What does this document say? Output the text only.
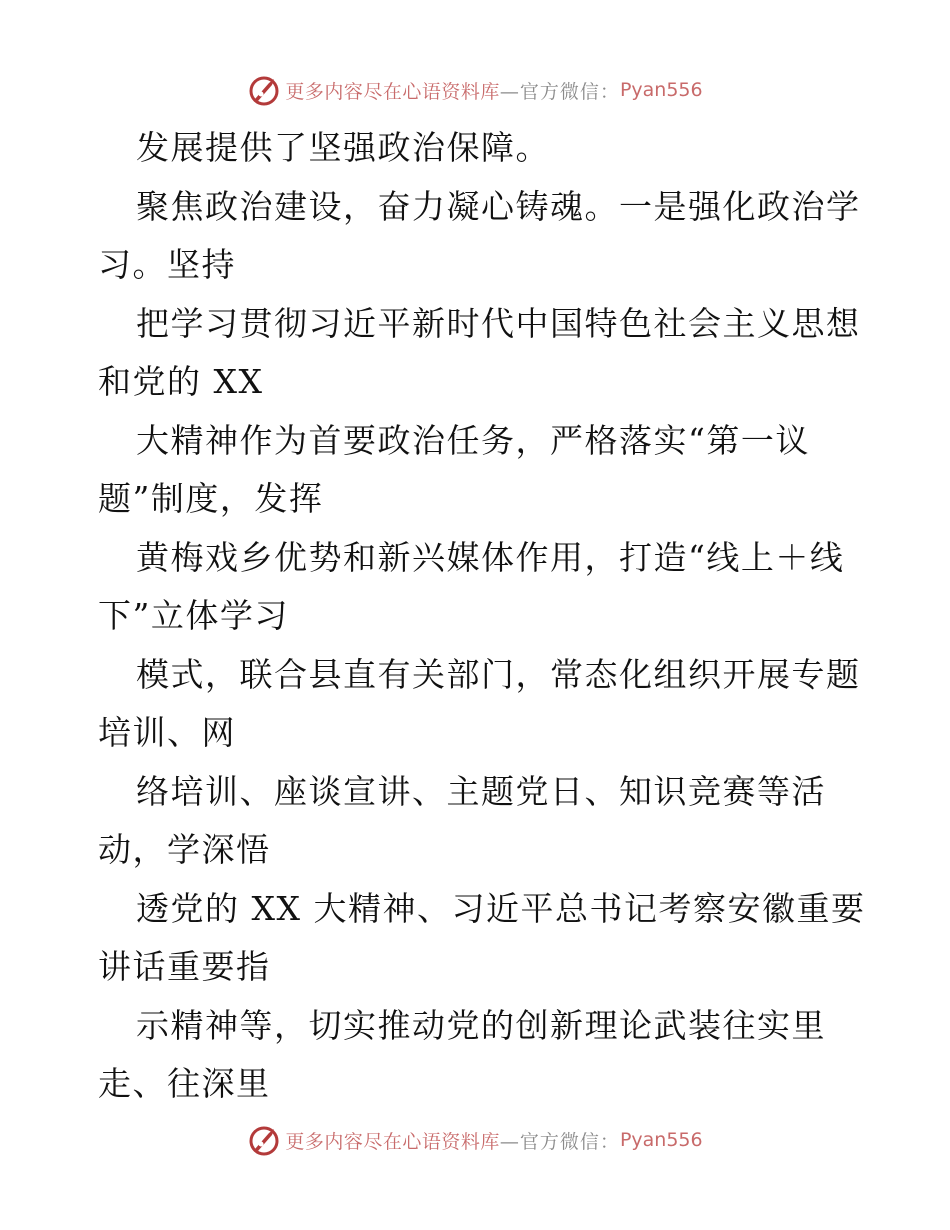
更多内容尽在心语资料库 —官方微信： Pyan556
发展提供了坚强政治保障。
聚焦政治建设，奋力凝心铸魂。一是强化政治学
习。坚持
把学习贯彻习近平新时代中国特色社会主义思想
和党的 XX
大精神作为首要政治任务，严格落实“第一议
题”制度，发挥
黄梅戏乡优势和新兴媒体作用，打造“线上＋线
下”立体学习
模式，联合县直有关部门，常态化组织开展专题
培训、网
络培训、座谈宣讲、主题党日、知识竞赛等活
动，学深悟
透党的 XX 大精神、习近平总书记考察安徽重要
讲话重要指
示精神等，切实推动党的创新理论武装往实里
走、往深里
更多内容尽在心语资料库 —官方微信： Pyan556
